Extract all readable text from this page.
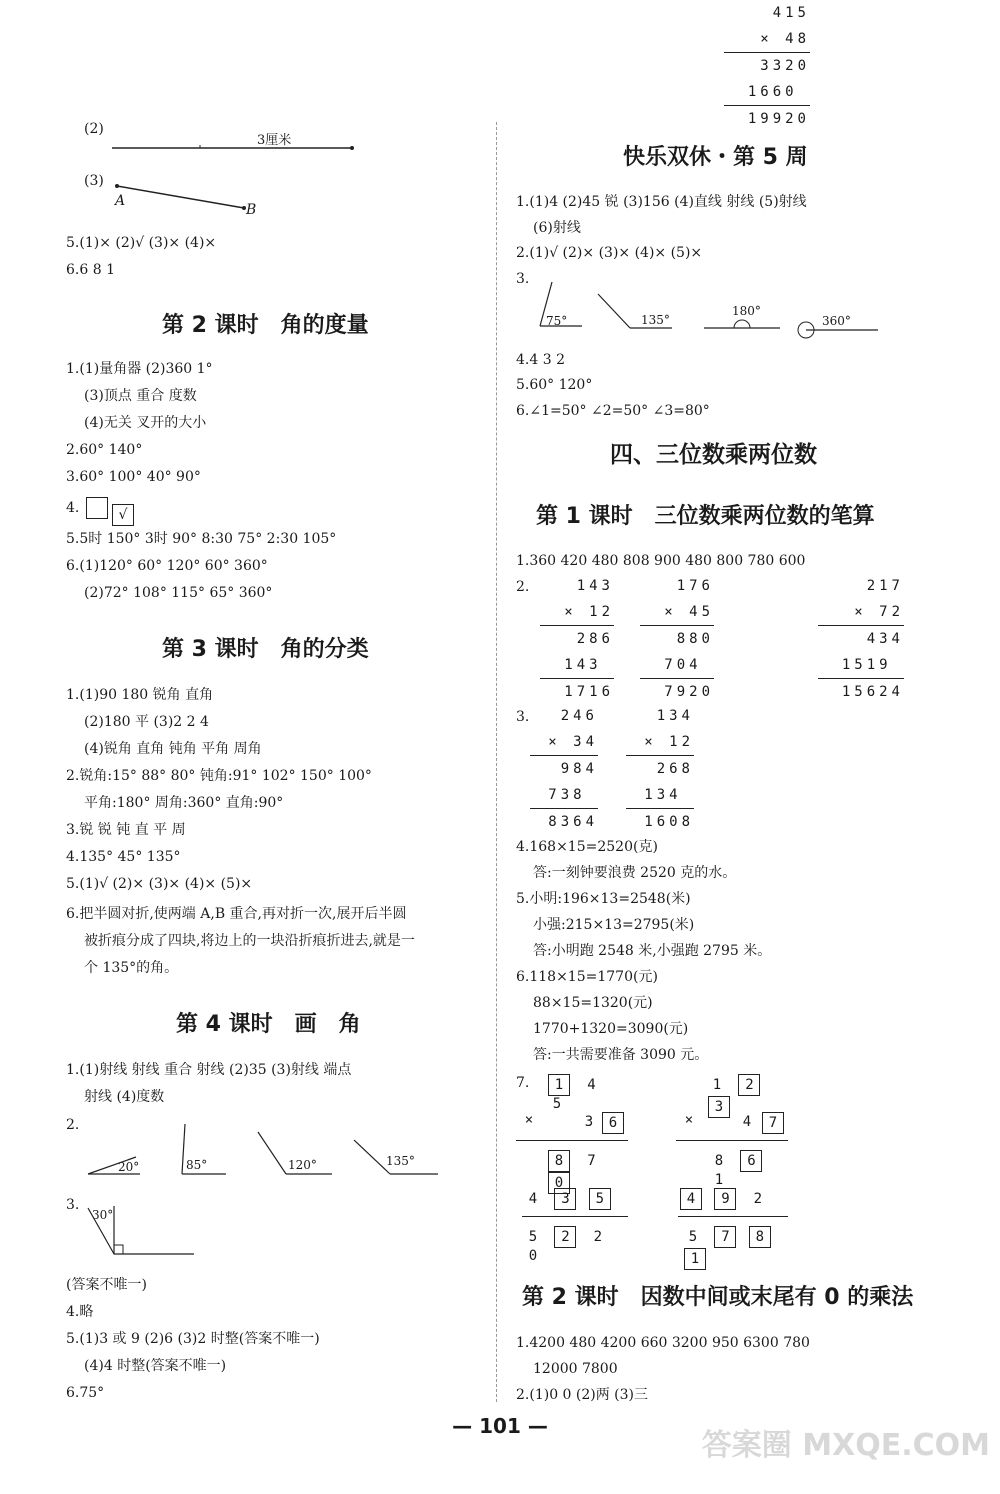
(2)
3厘米
(3)
A
B
5.(1)× (2)√ (3)× (4)×
6.6 8 1
第 2 课时　角的度量
1.(1)量角器 (2)360 1°
(3)顶点 重合 度数
(4)无关 叉开的大小
2.60° 140°
3.60° 100° 40° 90°
4.	√
5.5时 150° 3时 90° 8:30 75° 2:30 105°
6.(1)120° 60° 120° 60° 360°
(2)72° 108° 115° 65° 360°
第 3 课时　角的分类
1.(1)90 180 锐角 直角
(2)180 平 (3)2 2 4
(4)锐角 直角 钝角 平角 周角
2.锐角:15° 88° 80° 钝角:91° 102° 150° 100°
平角:180° 周角:360° 直角:90°
3.锐 锐 钝 直 平 周
4.135° 45° 135°
5.(1)√ (2)× (3)× (4)× (5)×
6.把半圆对折,使两端 A,B 重合,再对折一次,展开后半圆
被折痕分成了四块,将边上的一块沿折痕折进去,就是一
个 135°的角。
第 4 课时　画　角
1.(1)射线 射线 重合 射线 (2)35 (3)射线 端点
射线 (4)度数
2.
20°	85°	120°	135°
3.
30°
(答案不唯一)
4.略
5.(1)3 或 9 (2)6 (3)2 时整(答案不唯一)
(4)4 时整(答案不唯一)
6.75°
快乐双休・第 5 周
1.(1)4 (2)45 锐 (3)156 (4)直线 射线 (5)射线
(6)射线
2.(1)√ (2)× (3)× (4)× (5)×
3.
75°	135°
180°
360°
4.4 3 2
5.60° 120°
6.∠1=50° ∠2=50° ∠3=80°
四、三位数乘两位数
第 1 课时　三位数乘两位数的笔算
1.360 420 480 808 900 480 800 780 600
2.	143
× 12
286
143
1716
176
× 45
880
704
7920
415
× 48
3320
1660
19920
217
× 72
434
1519
15624
3.	246
× 34
984
738
8364
134
× 12
268
134
1608
4.168×15=2520(克)
答:一刻钟要浪费 2520 克的水。
5.小明:196×13=2548(米)
小强:215×13=2795(米)
答:小明跑 2548 米,小强跑 2795 米。
6.118×15=1770(元)
88×15=1320(元)
1770+1320=3090(元)
答:一共需要准备 3090 元。
7.	1 4 5
×	3	6
8 7 0
4 3 5
5 2 2 0
1 2 3
×	4	7
8 6 1
4 9 2
5 7 8 1
第 2 课时　因数中间或末尾有 0 的乘法
1.4200 480 4200 660 3200 950 6300 780
12000 7800
2.(1)0 0 (2)两 (3)三
— 101 —
答案圈 MXQE.COM
